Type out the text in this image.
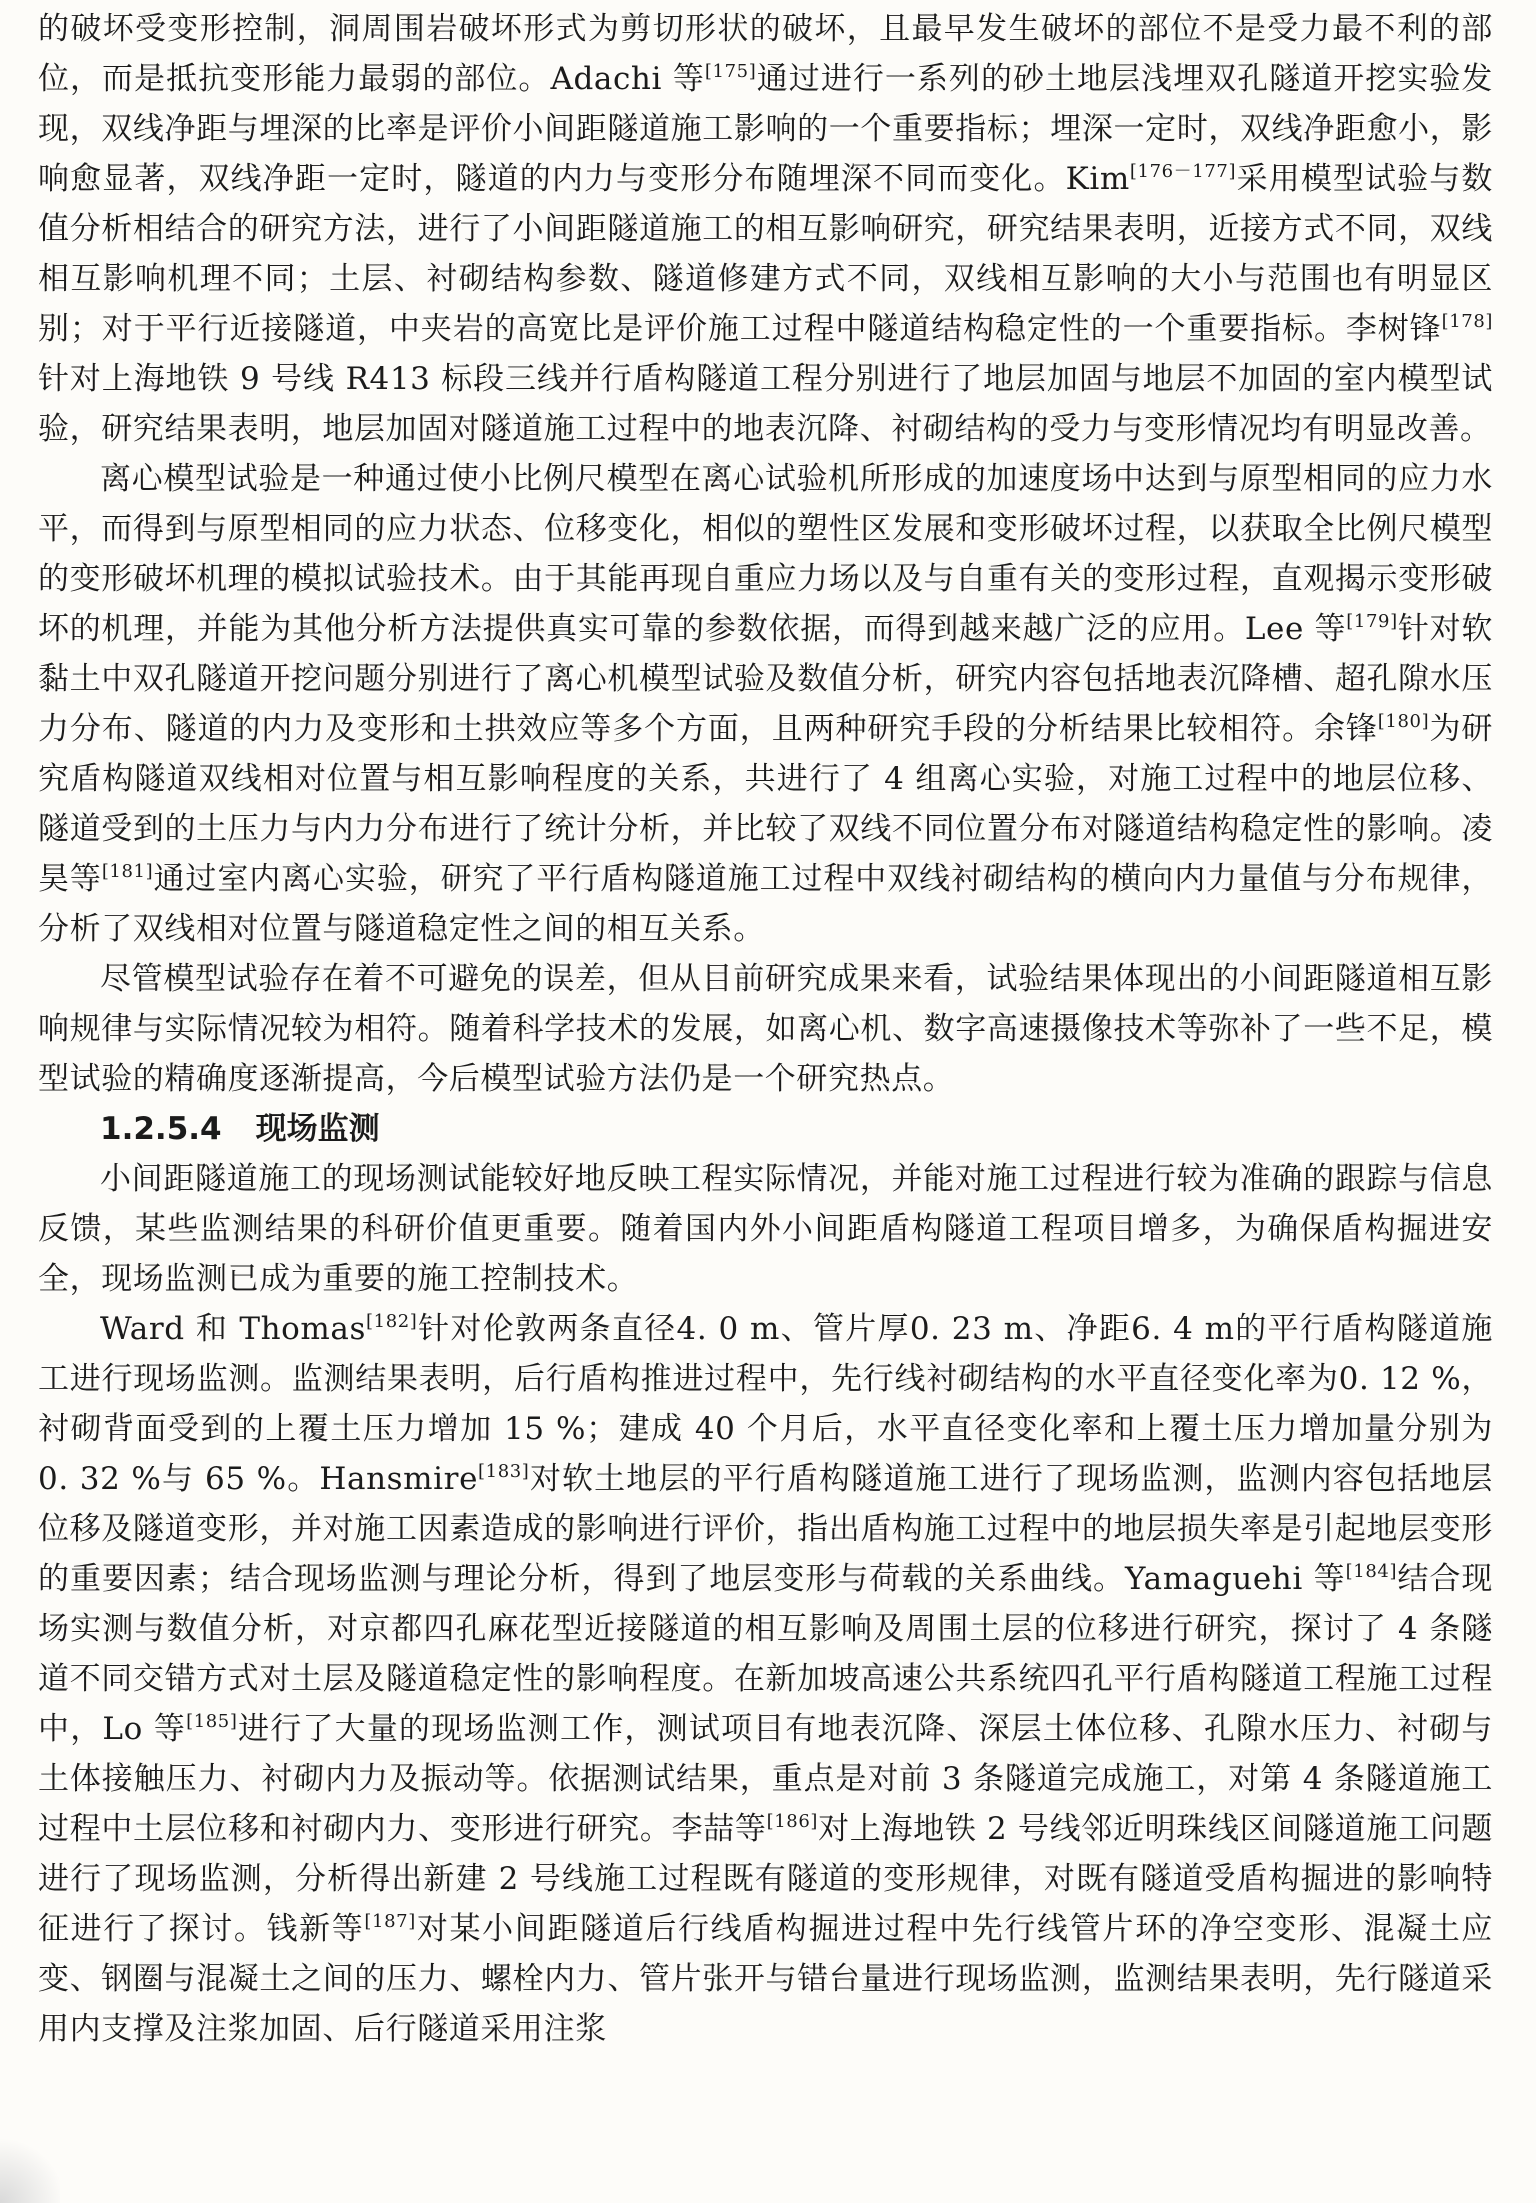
的破坏受变形控制，洞周围岩破坏形式为剪切形状的破坏，且最早发生破坏的部位不是受力最不利的部位，而是抵抗变形能力最弱的部位。Adachi 等[175]通过进行一系列的砂土地层浅埋双孔隧道开挖实验发现，双线净距与埋深的比率是评价小间距隧道施工影响的一个重要指标；埋深一定时，双线净距愈小，影响愈显著，双线净距一定时，隧道的内力与变形分布随埋深不同而变化。Kim[176－177]采用模型试验与数值分析相结合的研究方法，进行了小间距隧道施工的相互影响研究，研究结果表明，近接方式不同，双线相互影响机理不同；土层、衬砌结构参数、隧道修建方式不同，双线相互影响的大小与范围也有明显区别；对于平行近接隧道，中夹岩的高宽比是评价施工过程中隧道结构稳定性的一个重要指标。李树锋[178]针对上海地铁 9 号线 R413 标段三线并行盾构隧道工程分别进行了地层加固与地层不加固的室内模型试验，研究结果表明，地层加固对隧道施工过程中的地表沉降、衬砌结构的受力与变形情况均有明显改善。

离心模型试验是一种通过使小比例尺模型在离心试验机所形成的加速度场中达到与原型相同的应力水平，而得到与原型相同的应力状态、位移变化，相似的塑性区发展和变形破坏过程，以获取全比例尺模型的变形破坏机理的模拟试验技术。由于其能再现自重应力场以及与自重有关的变形过程，直观揭示变形破坏的机理，并能为其他分析方法提供真实可靠的参数依据，而得到越来越广泛的应用。Lee 等[179]针对软黏土中双孔隧道开挖问题分别进行了离心机模型试验及数值分析，研究内容包括地表沉降槽、超孔隙水压力分布、隧道的内力及变形和土拱效应等多个方面，且两种研究手段的分析结果比较相符。余锋[180]为研究盾构隧道双线相对位置与相互影响程度的关系，共进行了 4 组离心实验，对施工过程中的地层位移、隧道受到的土压力与内力分布进行了统计分析，并比较了双线不同位置分布对隧道结构稳定性的影响。凌昊等[181]通过室内离心实验，研究了平行盾构隧道施工过程中双线衬砌结构的横向内力量值与分布规律，分析了双线相对位置与隧道稳定性之间的相互关系。

尽管模型试验存在着不可避免的误差，但从目前研究成果来看，试验结果体现出的小间距隧道相互影响规律与实际情况较为相符。随着科学技术的发展，如离心机、数字高速摄像技术等弥补了一些不足，模型试验的精确度逐渐提高，今后模型试验方法仍是一个研究热点。

1.2.5.4 现场监测

小间距隧道施工的现场测试能较好地反映工程实际情况，并能对施工过程进行较为准确的跟踪与信息反馈，某些监测结果的科研价值更重要。随着国内外小间距盾构隧道工程项目增多，为确保盾构掘进安全，现场监测已成为重要的施工控制技术。

Ward 和 Thomas[182]针对伦敦两条直径4. 0 m、管片厚0. 23 m、净距6. 4 m的平行盾构隧道施工进行现场监测。监测结果表明，后行盾构推进过程中，先行线衬砌结构的水平直径变化率为0. 12 %，衬砌背面受到的上覆土压力增加 15 %；建成 40 个月后，水平直径变化率和上覆土压力增加量分别为 0. 32 %与 65 %。Hansmire[183]对软土地层的平行盾构隧道施工进行了现场监测，监测内容包括地层位移及隧道变形，并对施工因素造成的影响进行评价，指出盾构施工过程中的地层损失率是引起地层变形的重要因素；结合现场监测与理论分析，得到了地层变形与荷载的关系曲线。Yamaguehi 等[184]结合现场实测与数值分析，对京都四孔麻花型近接隧道的相互影响及周围土层的位移进行研究，探讨了 4 条隧道不同交错方式对土层及隧道稳定性的影响程度。在新加坡高速公共系统四孔平行盾构隧道工程施工过程中，Lo 等[185]进行了大量的现场监测工作，测试项目有地表沉降、深层土体位移、孔隙水压力、衬砌与土体接触压力、衬砌内力及振动等。依据测试结果，重点是对前 3 条隧道完成施工，对第 4 条隧道施工过程中土层位移和衬砌内力、变形进行研究。李喆等[186]对上海地铁 2 号线邻近明珠线区间隧道施工问题进行了现场监测，分析得出新建 2 号线施工过程既有隧道的变形规律，对既有隧道受盾构掘进的影响特征进行了探讨。钱新等[187]对某小间距隧道后行线盾构掘进过程中先行线管片环的净空变形、混凝土应变、钢圈与混凝土之间的压力、螺栓内力、管片张开与错台量进行现场监测，监测结果表明，先行隧道采用内支撑及注浆加固、后行隧道采用注浆
